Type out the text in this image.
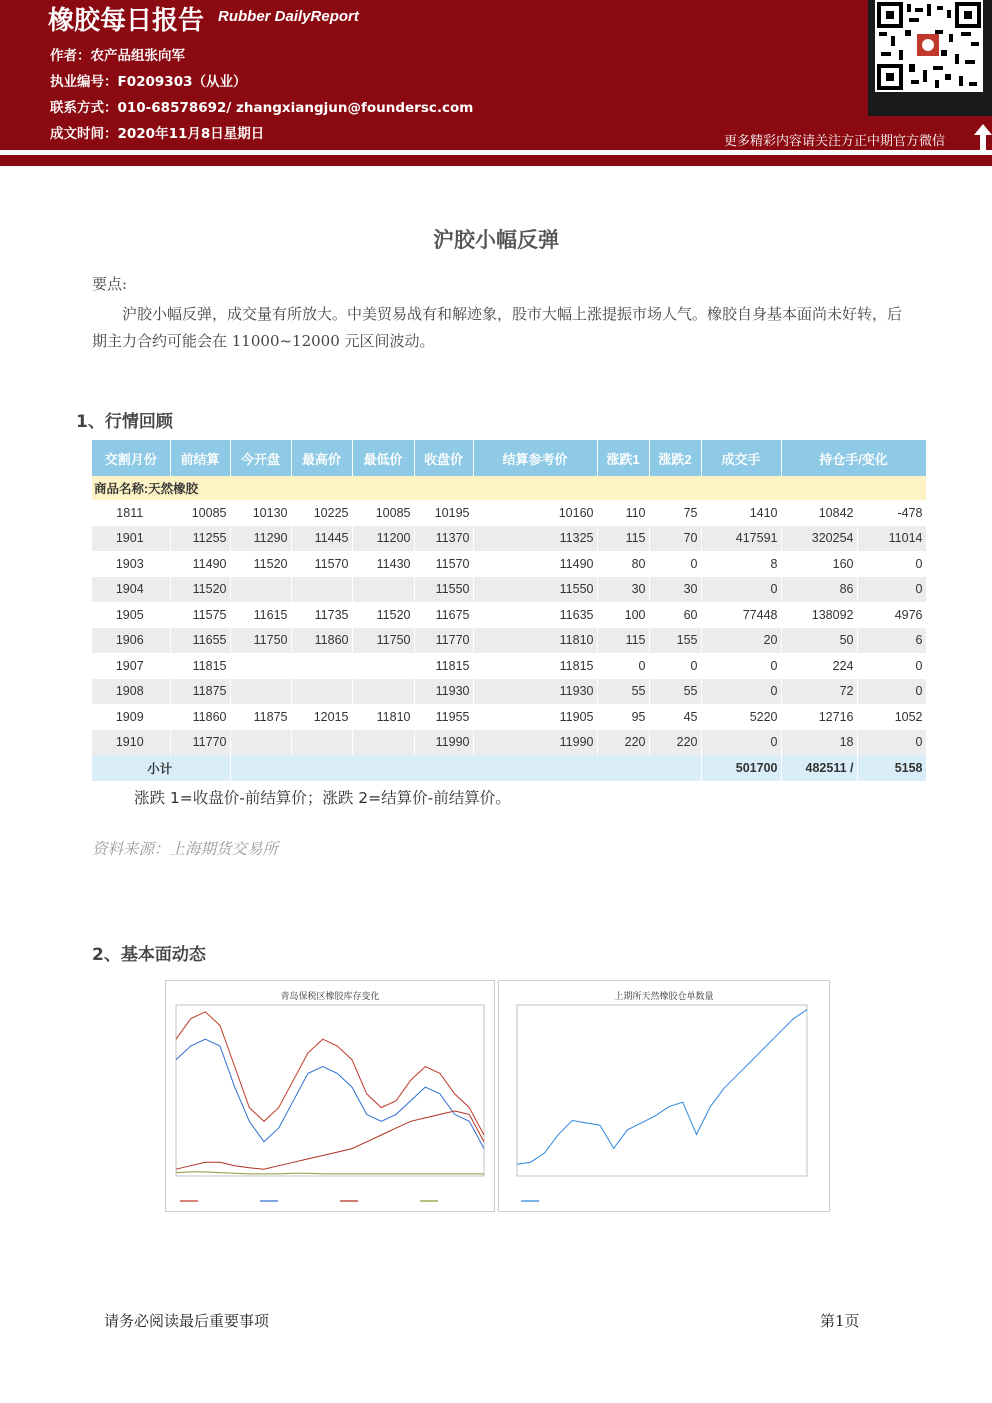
橡胶每日报告 Rubber DailyReport
作者：农产品组张向军
执业编号：F0209303（从业）
联系方式：010-68578692/ zhangxiangjun@foundersc.com
成文时间：2020年11月8日星期日	更多精彩内容请关注方正中期官方微信
沪胶小幅反弹
要点:
沪胶小幅反弹，成交量有所放大。中美贸易战有和解迹象，股市大幅上涨提振市场人气。橡胶自身基本面尚未好转，后期主力合约可能会在 11000~12000 元区间波动。
1、行情回顾
交割月份	前结算	今开盘	最高价	最低价	收盘价	结算参考价	涨跌1	涨跌2	成交手	持仓手/变化	
商品名称:天然橡胶											
1811	10085	10130	10225	10085	10195	10160	110	75	1410	10842	-478
1901	11255	11290	11445	11200	11370	11325	115	70	417591	320254	11014
1903	11490	11520	11570	11430	11570	11490	80	0	8	160	0
1904	11520				11550	11550	30	30	0	86	0
1905	11575	11615	11735	11520	11675	11635	100	60	77448	138092	4976
1906	11655	11750	11860	11750	11770	11810	115	155	20	50	6
1907	11815				11815	11815	0	0	0	224	0
1908	11875				11930	11930	55	55	0	72	0
1909	11860	11875	12015	11810	11955	11905	95	45	5220	12716	1052
1910	11770				11990	11990	220	220	0	18	0
小计									501700	482511 /	5158
涨跌 1=收盘价-前结算价；涨跌 2=结算价-前结算价。
资料来源：上海期货交易所
2、基本面动态
青岛保税区橡胶库存变化	上期所天然橡胶仓单数量
请务必阅读最后重要事项	第1页
